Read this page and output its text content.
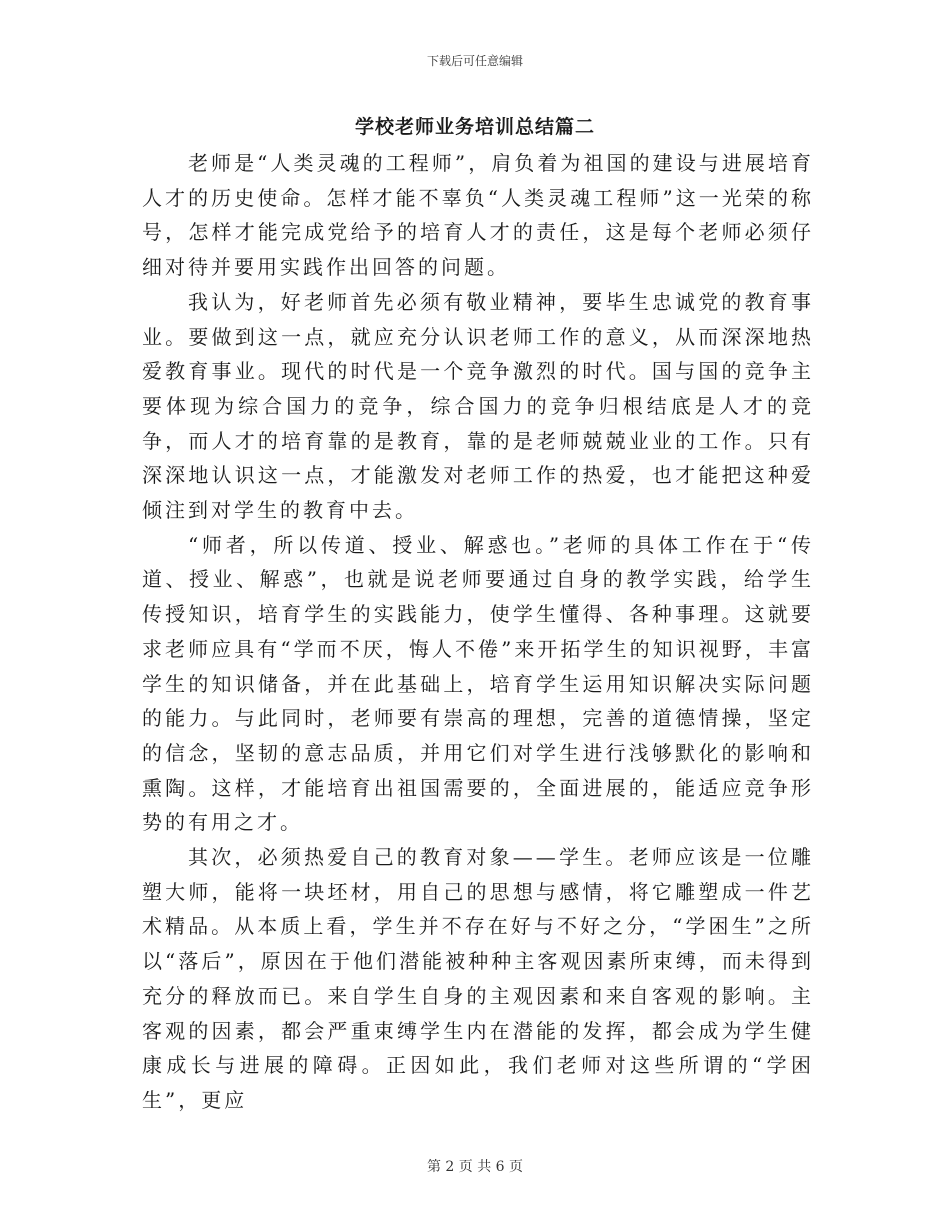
下载后可任意编辑
学校老师业务培训总结篇二

老师是“人类灵魂的工程师”，肩负着为祖国的建设与进展培育人才的历史使命。怎样才能不辜负“人类灵魂工程师”这一光荣的称号，怎样才能完成党给予的培育人才的责任，这是每个老师必须仔细对待并要用实践作出回答的问题。

我认为，好老师首先必须有敬业精神，要毕生忠诚党的教育事业。要做到这一点，就应充分认识老师工作的意义，从而深深地热爱教育事业。现代的时代是一个竞争激烈的时代。国与国的竞争主要体现为综合国力的竞争，综合国力的竞争归根结底是人才的竞争，而人才的培育靠的是教育，靠的是老师兢兢业业的工作。只有深深地认识这一点，才能激发对老师工作的热爱，也才能把这种爱倾注到对学生的教育中去。

“师者，所以传道、授业、解惑也。”老师的具体工作在于“传道、授业、解惑”，也就是说老师要通过自身的教学实践，给学生传授知识，培育学生的实践能力，使学生懂得、各种事理。这就要求老师应具有“学而不厌，悔人不倦”来开拓学生的知识视野，丰富学生的知识储备，并在此基础上，培育学生运用知识解决实际问题的能力。与此同时，老师要有崇高的理想，完善的道德情操，坚定的信念，坚韧的意志品质，并用它们对学生进行浅够默化的影响和熏陶。这样，才能培育出祖国需要的，全面进展的，能适应竞争形势的有用之才。

其次，必须热爱自己的教育对象——学生。老师应该是一位雕塑大师，能将一块坯材，用自己的思想与感情，将它雕塑成一件艺术精品。从本质上看，学生并不存在好与不好之分，“学困生”之所以“落后”，原因在于他们潜能被种种主客观因素所束缚，而未得到充分的释放而已。来自学生自身的主观因素和来自客观的影响。主客观的因素，都会严重束缚学生内在潜能的发挥，都会成为学生健康成长与进展的障碍。正因如此，我们老师对这些所谓的“学困生”，更应

第 2 页 共 6 页
